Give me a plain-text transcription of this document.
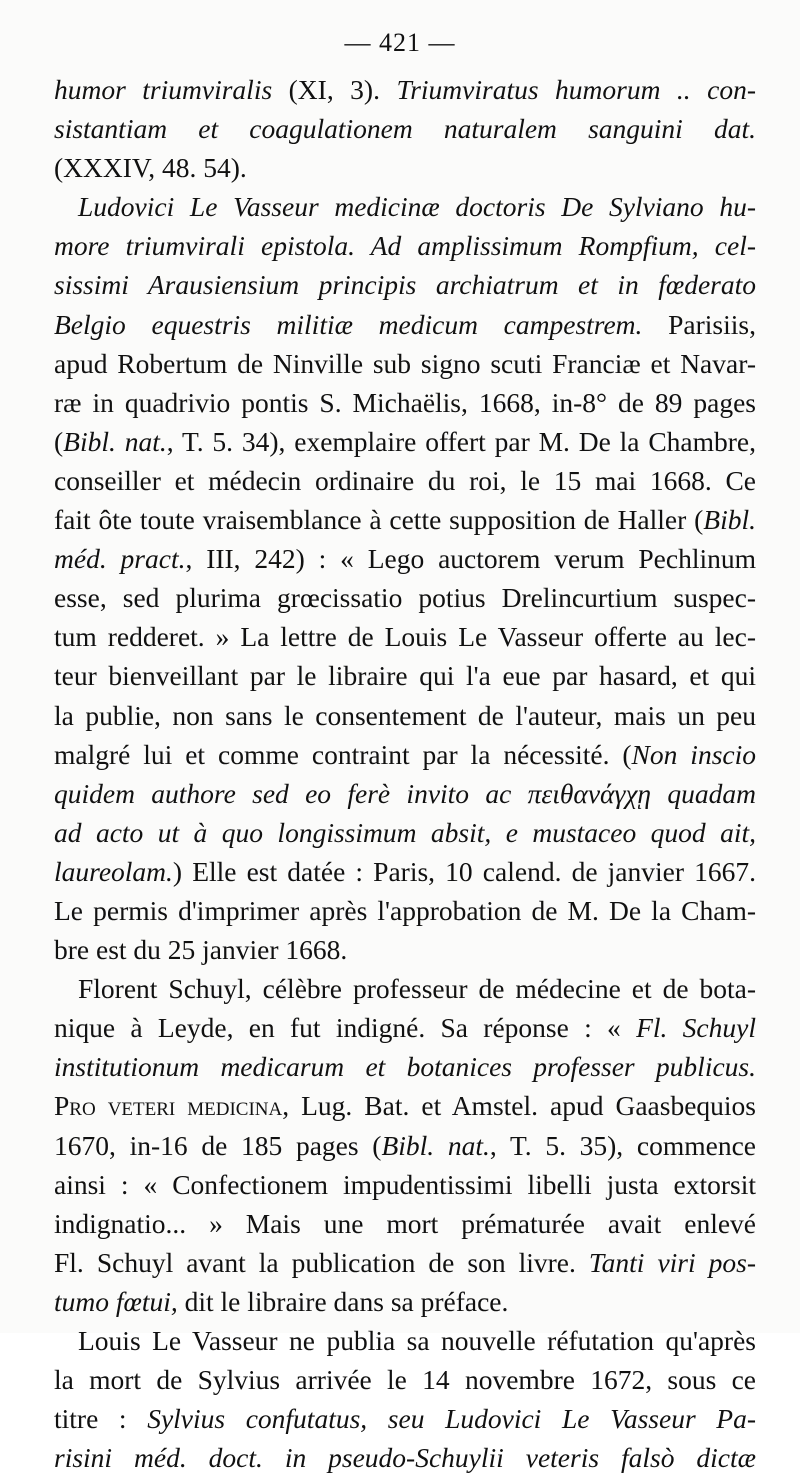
— 421 —
humor triumviralis (XI, 3). Triumviratus humorum .. con-
sistantiam et coagulationem naturalem sanguini dat.
(XXXIV, 48. 54).
Ludovici Le Vasseur medicinæ doctoris De Sylviano hu-
more triumvirali epistola. Ad amplissimum Rompfium, cel-
sissimi Arausiensium principis archiatrum et in fœderato
Belgio equestris militiæ medicum campestrem. Parisiis,
apud Robertum de Ninville sub signo scuti Franciæ et Navar-
ræ in quadrivio pontis S. Michaëlis, 1668, in-8° de 89 pages
(Bibl. nat., T. 5. 34), exemplaire offert par M. De la Chambre,
conseiller et médecin ordinaire du roi, le 15 mai 1668. Ce
fait ôte toute vraisemblance à cette supposition de Haller (Bibl.
méd. pract., III, 242) : « Lego auctorem verum Pechlinum
esse, sed plurima grœcissatio potius Drelincurtium suspec-
tum redderet. » La lettre de Louis Le Vasseur offerte au lec-
teur bienveillant par le libraire qui l'a eue par hasard, et qui
la publie, non sans le consentement de l'auteur, mais un peu
malgré lui et comme contraint par la nécessité. (Non inscio
quidem authore sed eo ferè invito ac πειθανάγχῃ quadam
ad acto ut à quo longissimum absit, e mustaceo quod ait,
laureolam.) Elle est datée : Paris, 10 calend. de janvier 1667.
Le permis d'imprimer après l'approbation de M. De la Cham-
bre est du 25 janvier 1668.
Florent Schuyl, célèbre professeur de médecine et de bota-
nique à Leyde, en fut indigné. Sa réponse : « Fl. Schuyl
institutionum medicarum et botanices professer publicus.
Pro veteri medicina, Lug. Bat. et Amstel. apud Gaasbequios
1670, in-16 de 185 pages (Bibl. nat., T. 5. 35), commence
ainsi : « Confectionem impudentissimi libelli justa extorsit
indignatio... » Mais une mort prématurée avait enlevé
Fl. Schuyl avant la publication de son livre. Tanti viri pos-
tumo fœtui, dit le libraire dans sa préface.
Louis Le Vasseur ne publia sa nouvelle réfutation qu'après
la mort de Sylvius arrivée le 14 novembre 1672, sous ce
titre : Sylvius confutatus, seu Ludovici Le Vasseur Pa-
risini méd. doct. in pseudo-Schuylii veteris falsò dictæ
